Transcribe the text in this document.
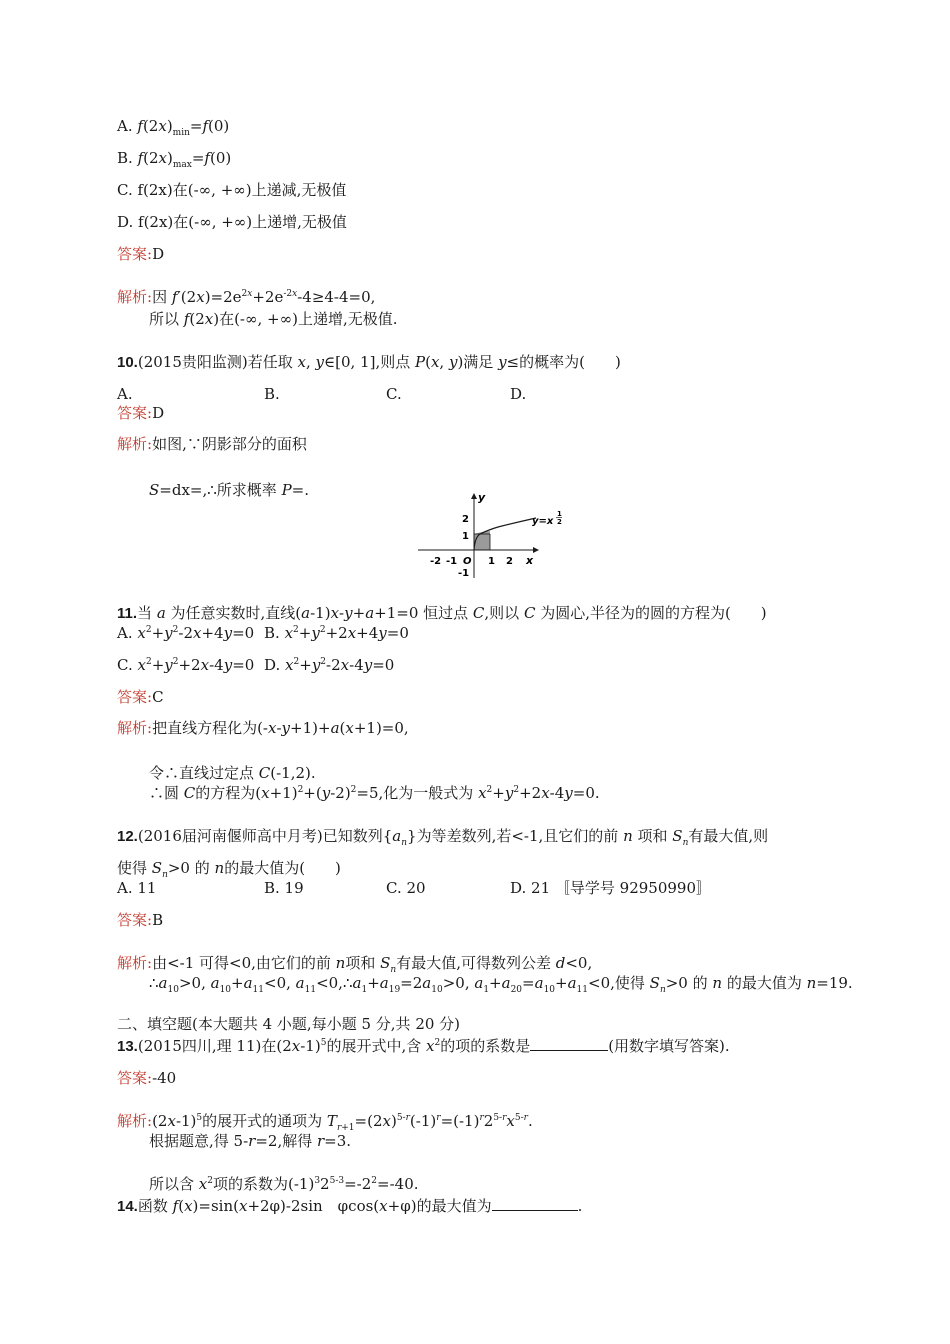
A. $f(2x)_{min}=f(0)$
B. $f(2x)_{max}=f(0)$
C. f(2x)在(-∞, +∞)上递减,无极值
D. f(2x)在(-∞, +∞)上递增,无极值
答案:D
解析:因 $f'(2x)=2e^{2x}+2e^{-2x}-4\ge 4-4=0$,
所以 f(2x)在(-∞, +∞)上递增,无极值.
10.(2015贵阳监测)若任取 x, y∈[0, 1],则点 P(x, y)满足 y≤的概率为(　　)
A.	B.	C.	D.
答案:D
解析:如图,∵阴影部分的面积
S=dx=,∴所求概率 P=.	y
x
2
1
-1
-2 -1 O 1 2
y=x
1
2
11.当 a 为任意实数时,直线(a-1)x-y+a+1=0 恒过点 C,则以 C 为圆心,半径为的圆的方程为(　　)
A. $x^2+y^2-2x+4y=0$ B. $x^2+y^2+2x+4y=0$
C. $x^2+y^2+2x-4y=0$ D. $x^2+y^2-2x-4y=0$
答案:C
解析:把直线方程化为(-x-y+1)+a(x+1)=0,
令∴直线过定点 C(-1,2).
∴圆 C的方程为$(x+1)^2+(y-2)^2=5$,化为一般式为 $x^2+y^2+2x-4y=0$.
12.(2016届河南偃师高中月考)已知数列$\{a_n\}$为等差数列,若<-1,且它们的前 n 项和 $S_n$有最大值,则
使得 $S_n>0$ 的 n的最大值为(　　)
A. 11	B. 19	C. 20	D. 21 〚导学号 92950990〛
答案:B
解析:由<-1 可得<0,由它们的前 n项和 $S_n$有最大值,可得数列公差 d<0,
$\therefore a_{10}>0$, $a_{10}+a_{11}<0$, $a_{11}<0,\therefore a_1+a_{19}=2a_{10}>0$, $a_1+a_{20}=a_{10}+a_{11}<0$,使得 $S_n>0$ 的 n 的最大值为 n=19.
二、填空题(本大题共 4 小题,每小题 5 分,共 20 分)
13.(2015四川,理 11)在$(2x-1)^5$的展开式中,含 $x^2$的项的系数是	(用数字填写答案).
答案:-40
解析$:(2x-1)^5$的展开式的通项为 $T_{r+1}=(2x)^{5-r}(-1)^r=(-1)^r2^{5-r}x^{5-r}$.
根据题意,得 5-r=2,解得 r=3.
所以含 $x^2$项的系数为$(-1)^32^{5-3}=-2^2=-40$.
14.函数 f(x)=sin(x+2φ)-2sin　φcos(x+φ)的最大值为	.
